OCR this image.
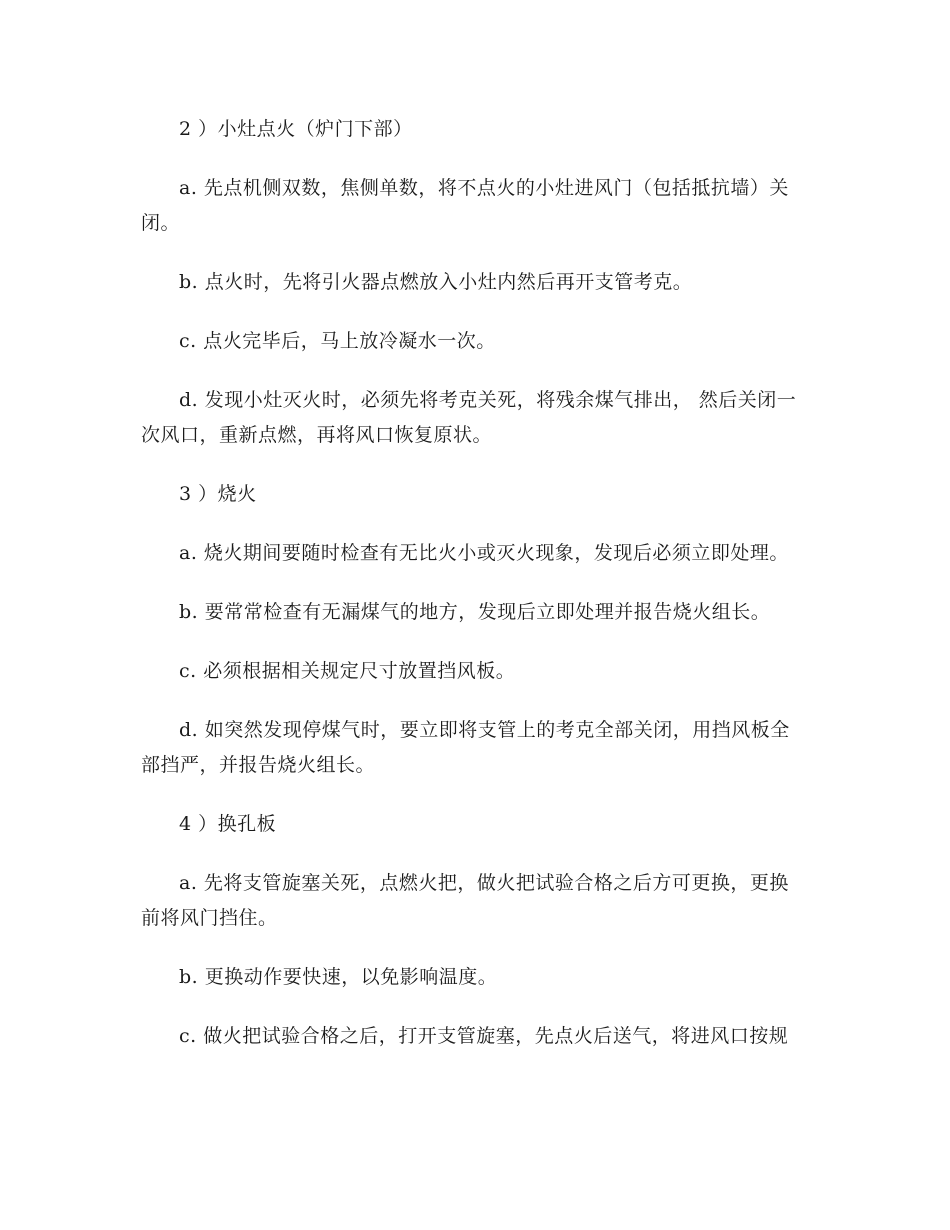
2 ）小灶点火（炉门下部）

a. 先点机侧双数，焦侧单数，将不点火的小灶进风门（包括抵抗墙）关闭。

b. 点火时，先将引火器点燃放入小灶内然后再开支管考克。

c. 点火完毕后，马上放冷凝水一次。

d. 发现小灶灭火时，必须先将考克关死，将残余煤气排出， 然后关闭一次风口，重新点燃，再将风口恢复原状。

3 ）烧火

a. 烧火期间要随时检查有无比火小或灭火现象，发现后必须立即处理。

b. 要常常检查有无漏煤气的地方，发现后立即处理并报告烧火组长。

c. 必须根据相关规定尺寸放置挡风板。

d. 如突然发现停煤气时，要立即将支管上的考克全部关闭，用挡风板全部挡严，并报告烧火组长。

4 ）换孔板

a. 先将支管旋塞关死，点燃火把，做火把试验合格之后方可更换，更换前将风门挡住。

b. 更换动作要快速，以免影响温度。

c. 做火把试验合格之后，打开支管旋塞，先点火后送气，将进风口按规
